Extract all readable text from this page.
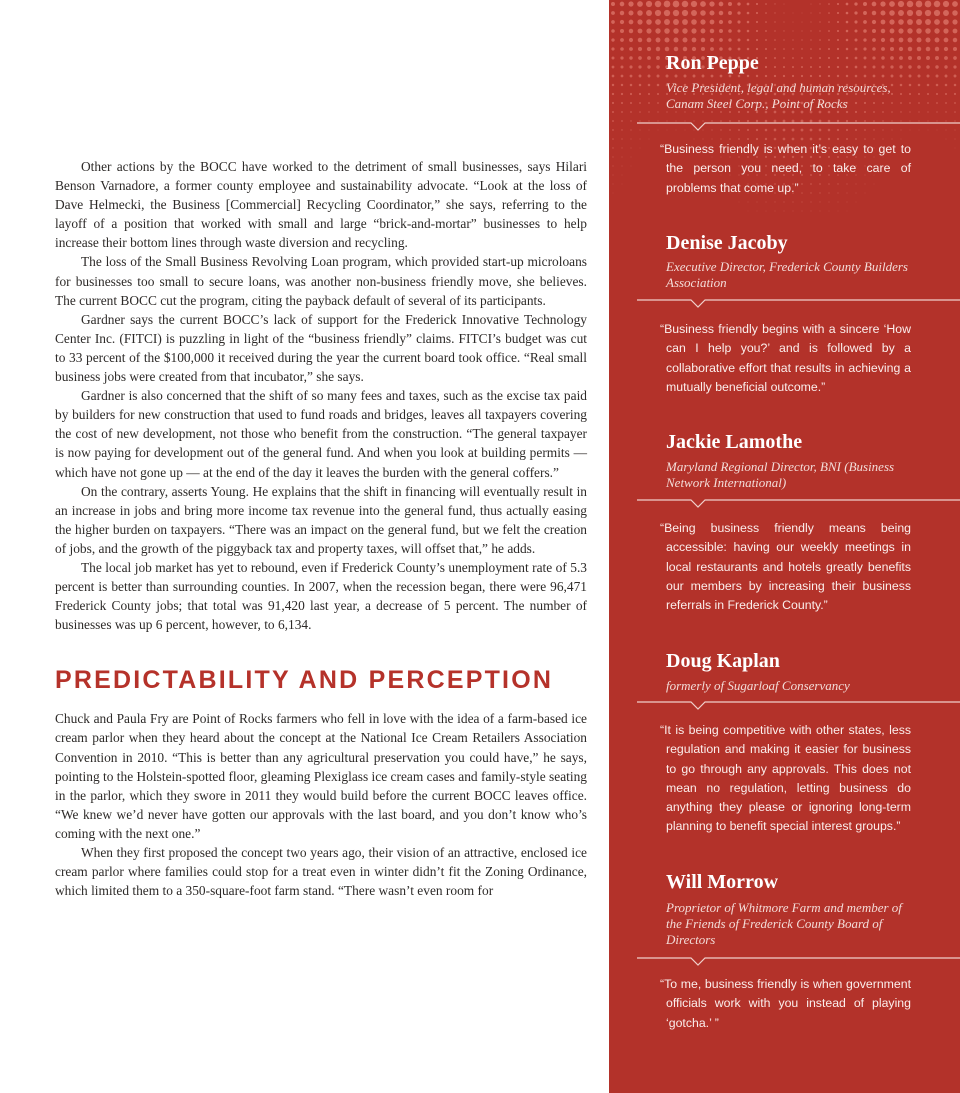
Other actions by the BOCC have worked to the detriment of small businesses, says Hilari Benson Varnadore, a former county employee and sustainability advocate. “Look at the loss of Dave Helmecki, the Business [Commercial] Recycling Coordinator,” she says, referring to the layoff of a position that worked with small and large “brick-and-mortar” businesses to help increase their bottom lines through waste diversion and recycling.

The loss of the Small Business Revolving Loan program, which provided start-up microloans for businesses too small to secure loans, was another non-business friendly move, she believes. The current BOCC cut the program, citing the payback default of several of its participants.

Gardner says the current BOCC’s lack of support for the Frederick Innovative Technology Center Inc. (FITCI) is puzzling in light of the “business friendly” claims. FITCI’s budget was cut to 33 percent of the $100,000 it received during the year the current board took office. “Real small business jobs were created from that incubator,” she says.

Gardner is also concerned that the shift of so many fees and taxes, such as the excise tax paid by builders for new construction that used to fund roads and bridges, leaves all taxpayers covering the cost of new development, not those who benefit from the construction. “The general taxpayer is now paying for development out of the general fund. And when you look at building permits — which have not gone up — at the end of the day it leaves the burden with the general coffers.”

On the contrary, asserts Young. He explains that the shift in financing will eventually result in an increase in jobs and bring more income tax revenue into the general fund, thus actually easing the higher burden on taxpayers. “There was an impact on the general fund, but we felt the creation of jobs, and the growth of the piggyback tax and property taxes, will offset that,” he adds.

The local job market has yet to rebound, even if Frederick County’s unemployment rate of 5.3 percent is better than surrounding counties. In 2007, when the recession began, there were 96,471 Frederick County jobs; that total was 91,420 last year, a decrease of 5 percent. The number of businesses was up 6 percent, however, to 6,134.

PREDICTABILITY AND PERCEPTION

Chuck and Paula Fry are Point of Rocks farmers who fell in love with the idea of a farm-based ice cream parlor when they heard about the concept at the National Ice Cream Retailers Association Convention in 2010. “This is better than any agricultural preservation you could have,” he says, pointing to the Holstein-spotted floor, gleaming Plexiglass ice cream cases and family-style seating in the parlor, which they swore in 2011 they would build before the current BOCC leaves office. “We knew we’d never have gotten our approvals with the last board, and you don’t know who’s coming with the next one.”

When they first proposed the concept two years ago, their vision of an attractive, enclosed ice cream parlor where families could stop for a treat even in winter didn’t fit the Zoning Ordinance, which limited them to a 350-square-foot farm stand. “There wasn’t even room for

Ron Peppe

Vice President, legal and human resources, Canam Steel Corp., Point of Rocks

“Business friendly is when it’s easy to get to the person you need, to take care of problems that come up.”

Denise Jacoby

Executive Director, Frederick County Builders Association

“Business friendly begins with a sincere ‘How can I help you?’ and is followed by a collaborative effort that results in achieving a mutually beneficial outcome.”

Jackie Lamothe

Maryland Regional Director, BNI (Business Network International)

“Being business friendly means being accessible: having our weekly meetings in local restaurants and hotels greatly benefits our members by increasing their business referrals in Frederick County.”

Doug Kaplan

formerly of Sugarloaf Conservancy

“It is being competitive with other states, less regulation and making it easier for business to go through any approvals. This does not mean no regulation, letting business do anything they please or ignoring long-term planning to benefit special interest groups.”

Will Morrow

Proprietor of Whitmore Farm and member of the Friends of Frederick County Board of Directors

“To me, business friendly is when government officials work with you instead of playing ‘gotcha.’ ”
